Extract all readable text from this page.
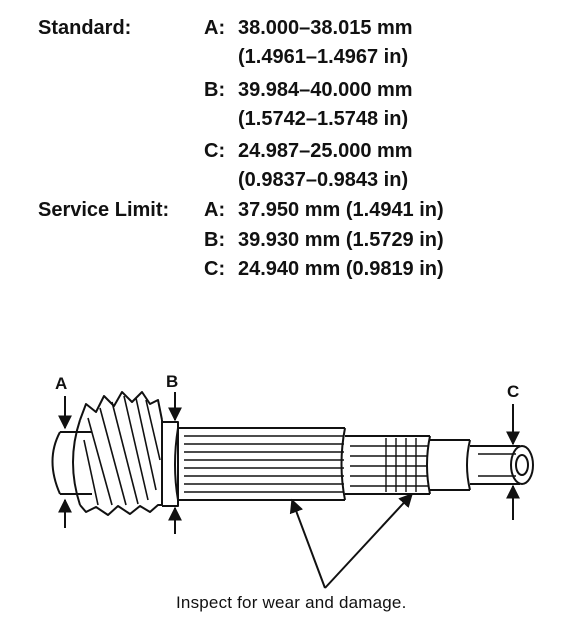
Standard:	A: 38.000–38.015 mm
(1.4961–1.4967 in)
B: 39.984–40.000 mm
(1.5742–1.5748 in)
C: 24.987–25.000 mm
(0.9837–0.9843 in)
Service Limit: A: 37.950 mm (1.4941 in)
B: 39.930 mm (1.5729 in)
C: 24.940 mm (0.9819 in)
A	B
C
Inspect for wear and damage.
